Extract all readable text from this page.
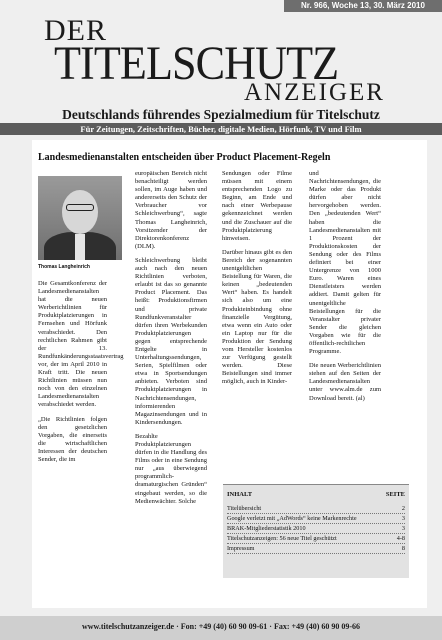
Nr. 966, Woche 13, 30. März 2010
DER
TITELSCHUTZ
ANZEIGER
Deutschlands führendes Spezialmedium für Titelschutz
Für Zeitungen, Zeitschriften, Bücher, digitale Medien, Hörfunk, TV und Film
Landesmedienanstalten entscheiden über Product Placement-Regeln
Thomas Langheinrich

Die Gesamtkonferenz der Landesmedienanstalten hat die neuen Werberichtlinien für Produktplatzierungen in Fernsehen und Hörfunk verabschiedet. Den rechtlichen Rahmen gibt der 13. Rundfunkänderungsstaatsvertrag vor, der im April 2010 in Kraft tritt. Die neuen Richtlinien müssen nun noch von den einzelnen Landesmedienanstalten verabschiedet werden.

„Die Richtlinien folgen den gesetzlichen Vorgaben, die einerseits die wirtschaftlichen Interessen der deutschen Sender, die im

europäischen Bereich nicht benachteiligt werden sollen, im Auge haben und andererseits den Schutz der Verbraucher vor Schleichwerbung“, sagte Thomas Langheinrich, Vorsitzender der Direktorenkonferenz (DLM).

Schleichwerbung bleibt auch nach den neuen Richtlinien verboten, erlaubt ist das so genannte Product Placement. Das heißt: Produktionsfirmen und private Rundfunkveranstalter dürfen ihren Werbekunden Produktplatzierungen gegen entsprechende Entgelte in Unterhaltungssendungen, Serien, Spielfilmen oder etwa in Sportsendungen anbieten. Verboten sind Produktplatzierungen in Nachrichtensendungen, informierenden Magazinsendungen und in Kindersendungen.

Bezahlte Produktplatzierungen dürfen in die Handlung des Films oder in eine Sendung nur „aus überwiegend programmlich-dramaturgischen Gründen“ eingebaut werden, so die Medienwächter. Solche

Sendungen oder Filme müssen mit einem entsprechenden Logo zu Beginn, am Ende und nach einer Werbepause gekennzeichnet werden und die Zuschauer auf die Produktplatzierung hinweisen.

Darüber hinaus gibt es den Bereich der sogenannten unentgeltlichen Beistellung für Waren, die keinen „bedeutenden Wert“ haben. Es handelt sich also um eine Produkteinbindung ohne finanzielle Vergütung, etwa wenn ein Auto oder ein Laptop nur für die Produktion der Sendung vom Hersteller kostenlos zur Verfügung gestellt werden. Diese Beistellungen sind immer möglich, auch in Kinder-

und Nachrichtensendungen, die Marke oder das Produkt dürfen aber nicht hervorgehoben werden. Den „bedeutenden Wert“ haben die Landesmedienanstalten mit 1 Prozent der Produktionskosten der Sendung oder des Films definiert bei einer Untergrenze von 1000 Euro. Waren eines Dienstleisters werden addiert. Damit gelten für unentgeltliche Beistellungen für die Veranstalter privater Sender die gleichen Vorgaben wie für die öffentlich-rechtlichen Programme.

Die neuen Werberichtlinien stehen auf den Seiten der Landesmedienanstalten unter www.alm.de zum Download bereit. (al)

INHALT	SEITE
Titelübersicht	2
Google verletzt mit „AdWords“ keine Markenrechte	3
BRAK-Mitgliederstatistik 2010	3
Titelschutzanzeigen: 56 neue Titel geschützt	4-8
Impressum	8
www.titelschutzanzeiger.de · Fon: +49 (40) 60 90 09-61 · Fax: +49 (40) 60 90 09-66
